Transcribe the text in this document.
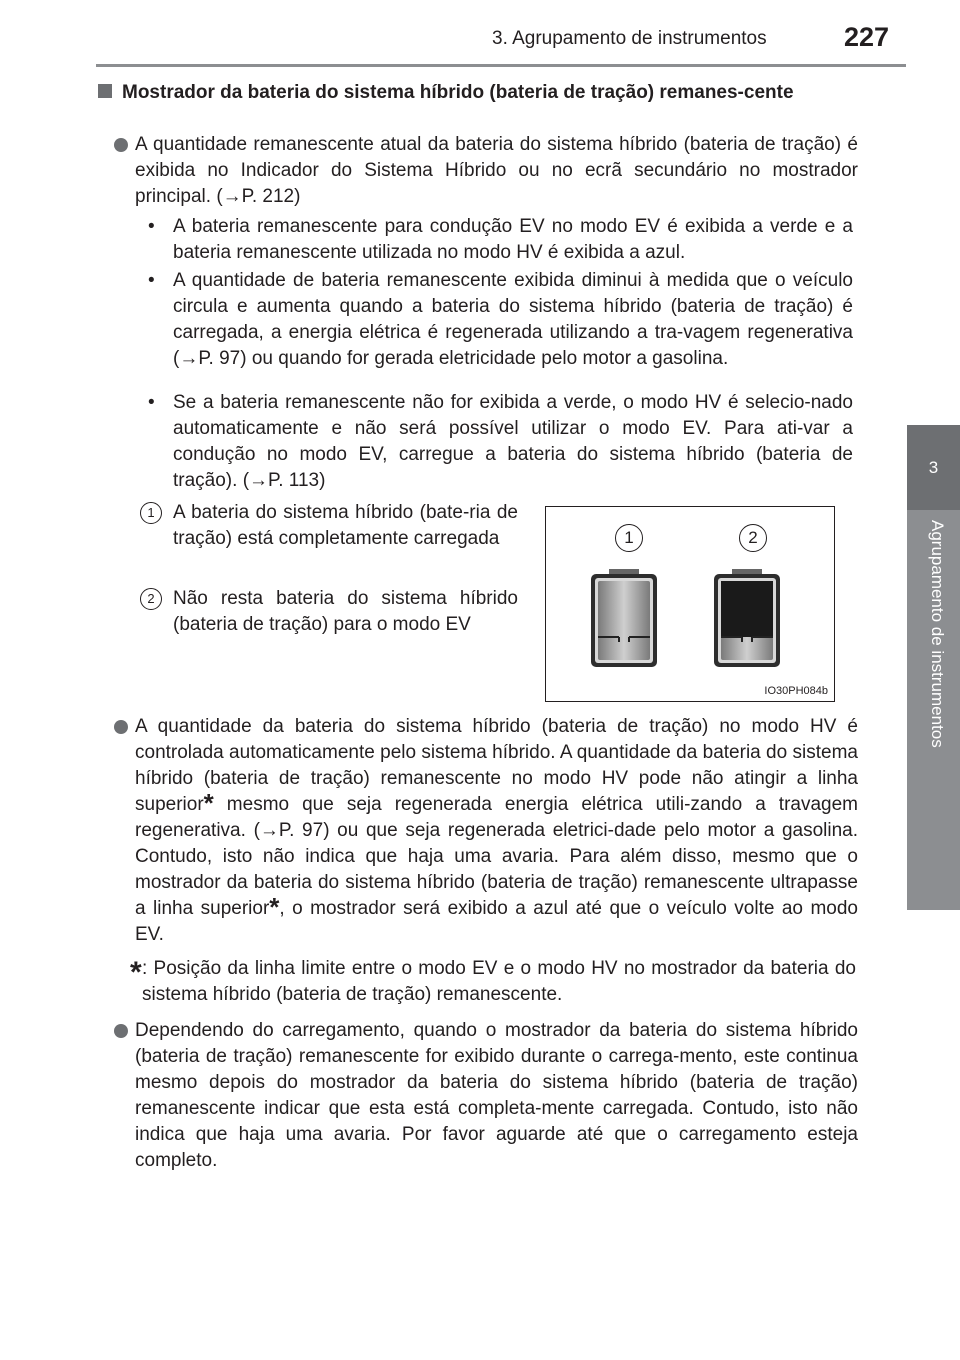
3. Agrupamento de instrumentos	227
3
Agrupamento de instrumentos
Mostrador da bateria do sistema híbrido (bateria de tração) remanes-cente
A quantidade remanescente atual da bateria do sistema híbrido (bateria de tração) é exibida no Indicador do Sistema Híbrido ou no ecrã secundário no mostrador principal. (→P. 212)
• A bateria remanescente para condução EV no modo EV é exibida a verde e a bateria remanescente utilizada no modo HV é exibida a azul.
• A quantidade de bateria remanescente exibida diminui à medida que o veículo circula e aumenta quando a bateria do sistema híbrido (bateria de tração) é carregada, a energia elétrica é regenerada utilizando a tra-vagem regenerativa (→P. 97) ou quando for gerada eletricidade pelo motor a gasolina.
• Se a bateria remanescente não for exibida a verde, o modo HV é selecio-nado automaticamente e não será possível utilizar o modo EV. Para ati-var a condução no modo EV, carregue a bateria do sistema híbrido (bateria de tração). (→P. 113)
1 A bateria do sistema híbrido (bate-ria de tração) está completamente carregada
2 Não resta bateria do sistema híbrido (bateria de tração) para o modo EV
1	2
IO30PH084b
A quantidade da bateria do sistema híbrido (bateria de tração) no modo HV é controlada automaticamente pelo sistema híbrido. A quantidade da bateria do sistema híbrido (bateria de tração) remanescente no modo HV pode não atingir a linha superior* mesmo que seja regenerada energia elétrica utili-zando a travagem regenerativa. (→P. 97) ou que seja regenerada eletrici-dade pelo motor a gasolina. Contudo, isto não indica que haja uma avaria. Para além disso, mesmo que o mostrador da bateria do sistema híbrido (bateria de tração) remanescente ultrapasse a linha superior*, o mostrador será exibido a azul até que o veículo volte ao modo EV.
* : Posição da linha limite entre o modo EV e o modo HV no mostrador da bateria do sistema híbrido (bateria de tração) remanescente.
Dependendo do carregamento, quando o mostrador da bateria do sistema híbrido (bateria de tração) remanescente for exibido durante o carrega-mento, este continua mesmo depois do mostrador da bateria do sistema híbrido (bateria de tração) remanescente indicar que esta está completa-mente carregada. Contudo, isto não indica que haja uma avaria. Por favor aguarde até que o carregamento esteja completo.
